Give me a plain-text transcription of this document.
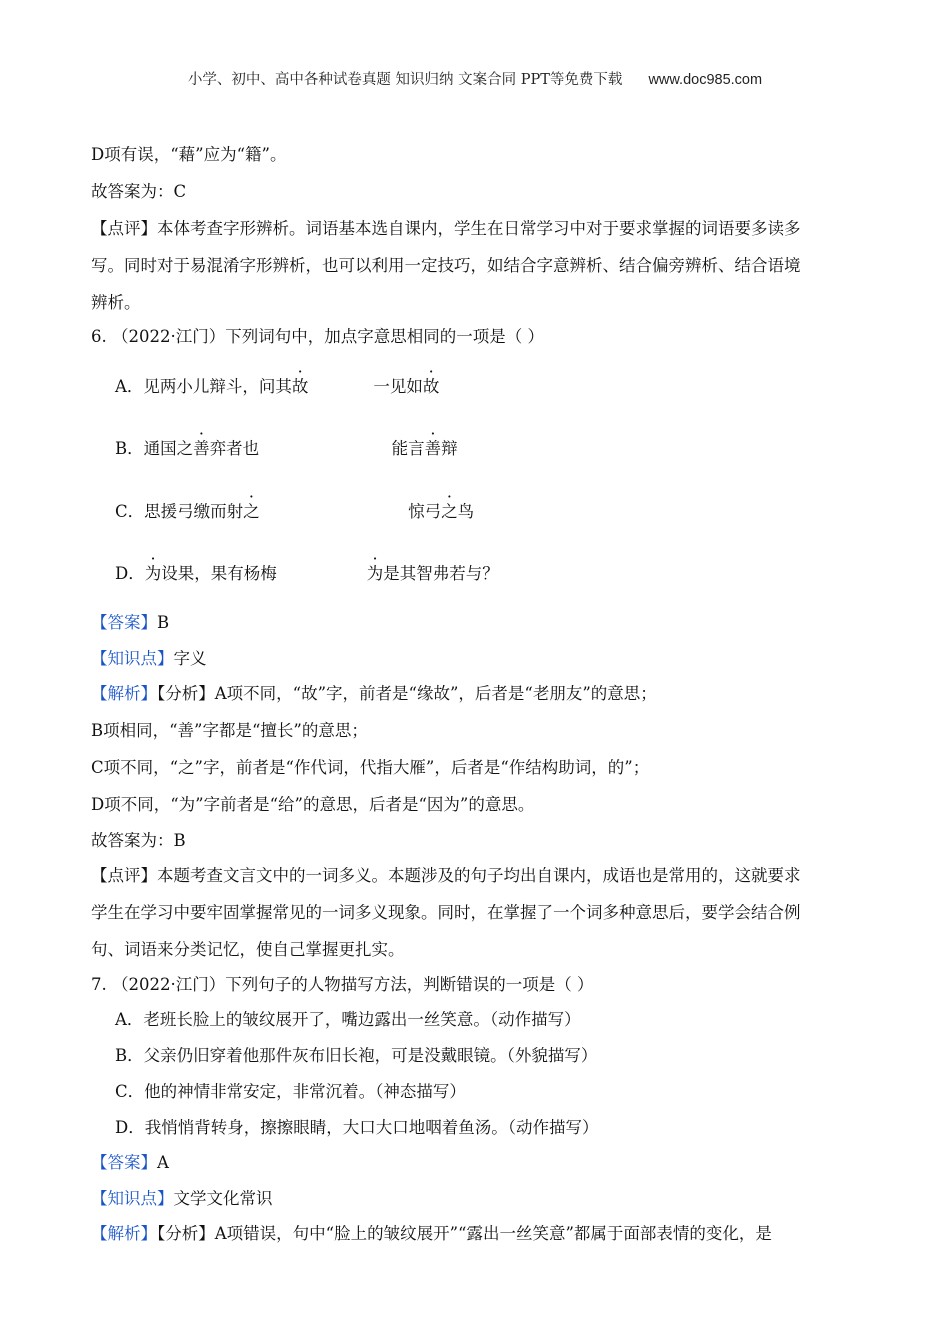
小学、初中、高中各种试卷真题 知识归纳 文案合同 PPT等免费下载 www.doc985.com
D项有误，“藉”应为“籍”。
故答案为：C
【点评】本体考查字形辨析。词语基本选自课内，学生在日常学习中对于要求掌握的词语要多读多
写。同时对于易混淆字形辨析，也可以利用一定技巧，如结合字意辨析、结合偏旁辨析、结合语境
辨析。
6. （2022·江门）下列词句中，加点字意思相同的一项是（ ）
A．见两小儿辩斗，问其故	一见如故
B．通国之善弈者也	能言善辩
C．思援弓缴而射之	惊弓之鸟
D．为设果，果有杨梅	为是其智弗若与？
【答案】B
【知识点】字义
【解析】【分析】A项不同，“故”字，前者是“缘故”，后者是“老朋友”的意思；
B项相同，“善”字都是“擅长”的意思；
C项不同，“之”字，前者是“作代词，代指大雁”，后者是“作结构助词，的”；
D项不同，“为”字前者是“给”的意思，后者是“因为”的意思。
故答案为：B
【点评】本题考查文言文中的一词多义。本题涉及的句子均出自课内，成语也是常用的，这就要求
学生在学习中要牢固掌握常见的一词多义现象。同时，在掌握了一个词多种意思后，要学会结合例
句、词语来分类记忆，使自己掌握更扎实。
7. （2022·江门）下列句子的人物描写方法，判断错误的一项是（ ）
A．老班长脸上的皱纹展开了，嘴边露出一丝笑意。（动作描写）
B．父亲仍旧穿着他那件灰布旧长袍，可是没戴眼镜。（外貌描写）
C．他的神情非常安定，非常沉着。（神态描写）
D．我悄悄背转身，擦擦眼睛，大口大口地咽着鱼汤。（动作描写）
【答案】A
【知识点】文学文化常识
【解析】【分析】A项错误，句中“脸上的皱纹展开”“露出一丝笑意”都属于面部表情的变化，是
